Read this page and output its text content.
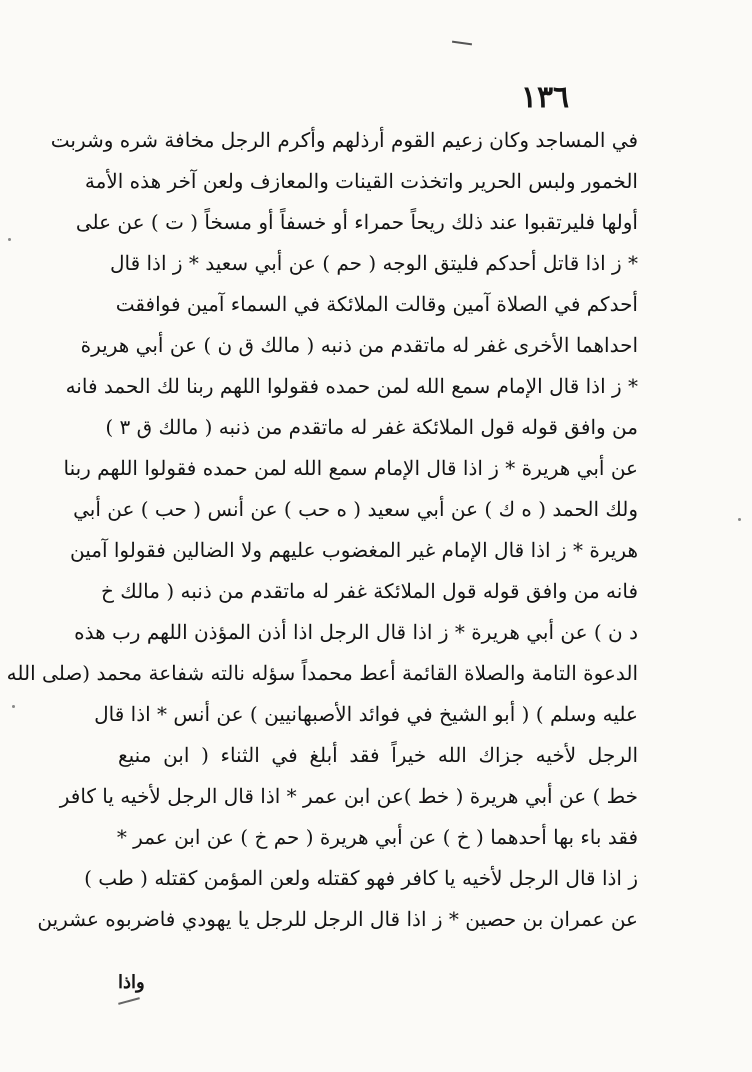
١٣٦
في المساجد وكان زعيم القوم أرذلهم وأكرم الرجل مخافة شره وشربت
الخمور ولبس الحرير واتخذت القينات والمعازف ولعن آخر هذه الأمة
أولها فليرتقبوا عند ذلك ريحاً حمراء أو خسفاً أو مسخاً ( ت ) عن على
* ز اذا قاتل أحدكم فليتق الوجه ( حم ) عن أبي سعيد * ز اذا قال
أحدكم في الصلاة آمين وقالت الملائكة في السماء آمين فوافقت
احداهما الأخرى غفر له ماتقدم من ذنبه ( مالك ق ن ) عن أبي هريرة
* ز اذا قال الإمام سمع الله لمن حمده فقولوا اللهم ربنا لك الحمد فانه
من وافق قوله قول الملائكة غفر له ماتقدم من ذنبه ( مالك ق ٣ )
عن أبي هريرة * ز اذا قال الإمام سمع الله لمن حمده فقولوا اللهم ربنا
ولك الحمد ( ه ك ) عن أبي سعيد ( ه حب ) عن أنس ( حب ) عن أبي
هريرة * ز اذا قال الإمام غير المغضوب عليهم ولا الضالين فقولوا آمين
فانه من وافق قوله قول الملائكة غفر له ماتقدم من ذنبه ( مالك خ
د ن ) عن أبي هريرة * ز اذا قال الرجل اذا أذن المؤذن اللهم رب هذه
الدعوة التامة والصلاة القائمة أعط محمداً سؤله نالته شفاعة محمد (صلى الله
عليه وسلم ) ( أبو الشيخ في فوائد الأصبهانيين ) عن أنس * اذا قال
الرجل لأخيه جزاك الله خيراً فقد أبلغ في الثناء ( ابن منيع
خط ) عن أبي هريرة ( خط )عن ابن عمر * اذا قال الرجل لأخيه يا كافر
فقد باء بها أحدهما ( خ ) عن أبي هريرة ( حم خ ) عن ابن عمر *
ز اذا قال الرجل لأخيه يا كافر فهو كقتله ولعن المؤمن كقتله ( طب )
عن عمران بن حصين * ز اذا قال الرجل للرجل يا يهودي فاضربوه عشرين
واذا
